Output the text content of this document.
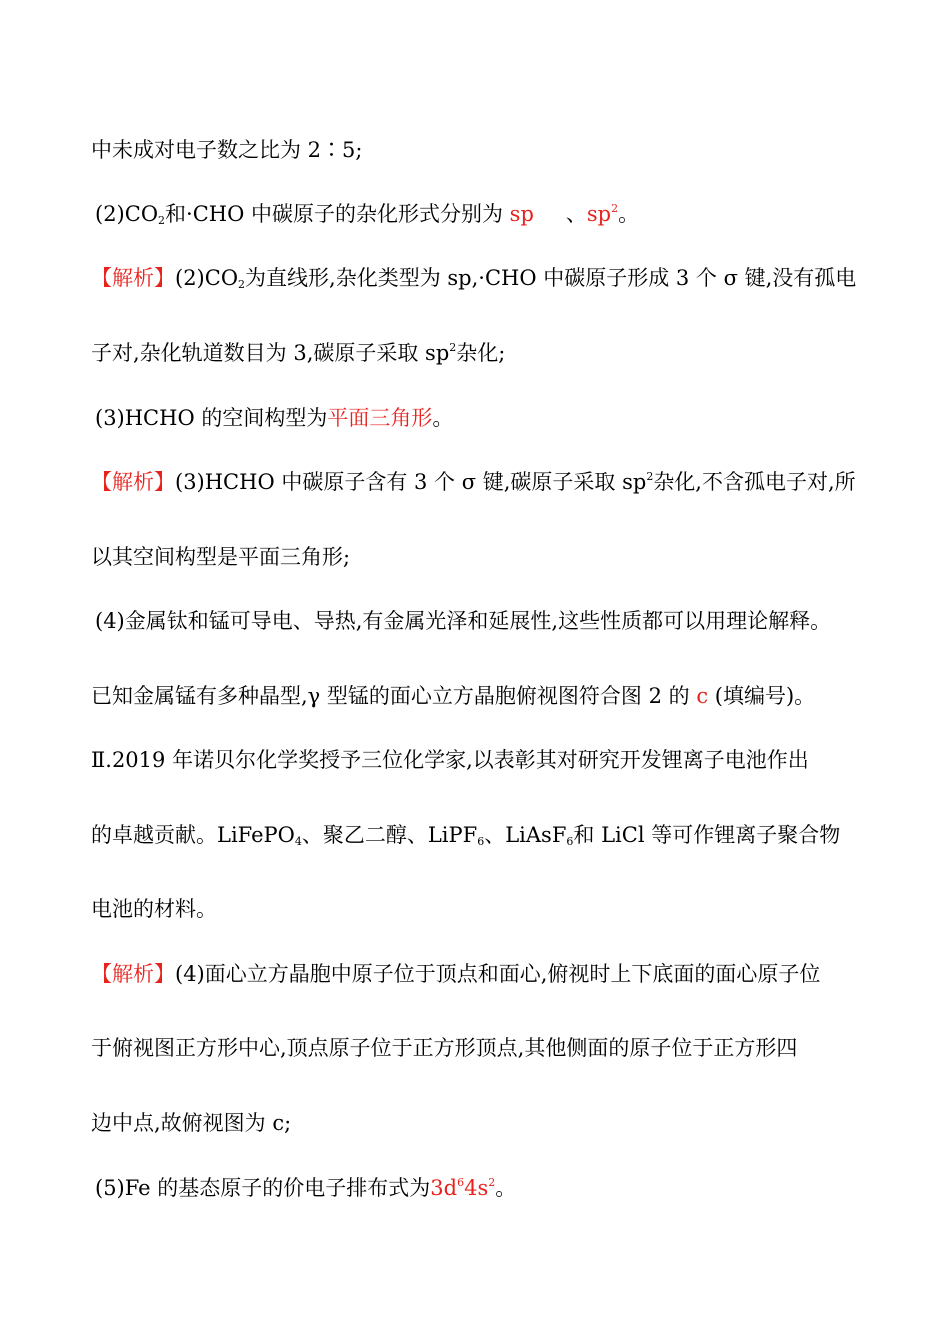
中未成对电子数之比为 2∶5;
$(2)CO_2$和·CHO 中碳原子的杂化形式分别为 sp 、$sp^2$。
【解析】$(2)CO_2$为直线形,杂化类型为 sp,·CHO 中碳原子形成 3 个 σ 键,没有孤电
子对,杂化轨道数目为 3,碳原子采取 $sp^2$杂化;
(3)HCHO 的空间构型为平面三角形。
【解析】(3)HCHO 中碳原子含有 3 个 σ 键,碳原子采取 $sp^2$杂化,不含孤电子对,所
以其空间构型是平面三角形;
(4)金属钛和锰可导电、导热,有金属光泽和延展性,这些性质都可以用理论解释。
已知金属锰有多种晶型,γ 型锰的面心立方晶胞俯视图符合图 2 的 c (填编号)。
Ⅱ.2019 年诺贝尔化学奖授予三位化学家,以表彰其对研究开发锂离子电池作出
的卓越贡献。LiFePO$_4$、聚乙二醇、LiPF$_6$、LiAsF$_6$和 LiCl 等可作锂离子聚合物
电池的材料。
【解析】(4)面心立方晶胞中原子位于顶点和面心,俯视时上下底面的面心原子位
于俯视图正方形中心,顶点原子位于正方形顶点,其他侧面的原子位于正方形四
边中点,故俯视图为 c;
(5)Fe 的基态原子的价电子排布式为$3d^64s^2$。
